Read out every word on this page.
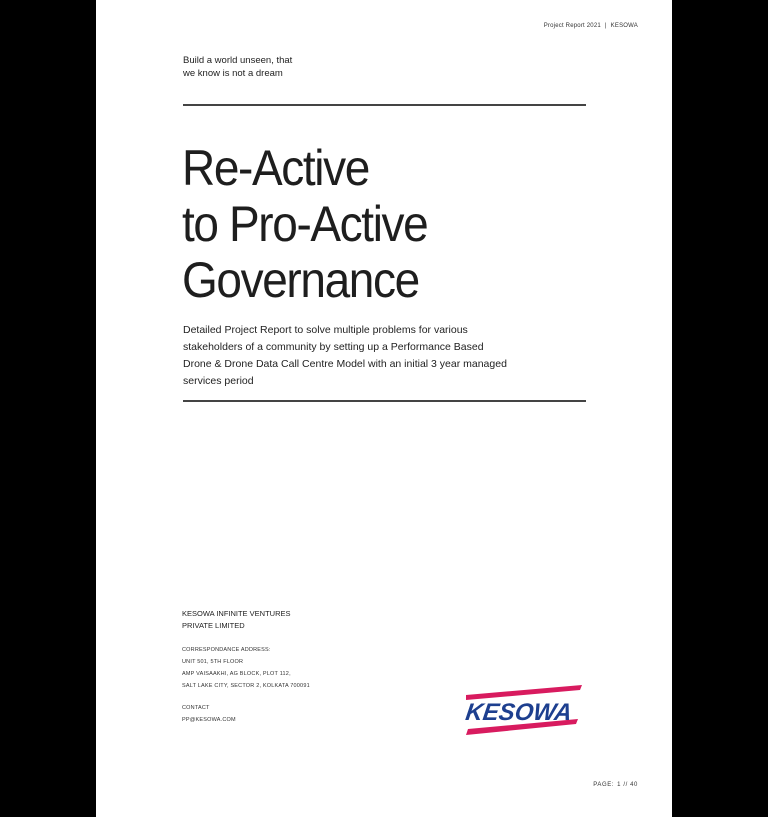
Project Report 2021 | KESOWA
Build a world unseen, that
we know is not a dream
Re-Active
to Pro-Active
Governance
Detailed Project Report to solve multiple problems for various stakeholders of a community by setting up a Performance Based Drone & Drone Data Call Centre Model with an initial 3 year managed services period
KESOWA INFINITE VENTURES
PRIVATE LIMITED
CORRESPONDANCE ADDRESS:
UNIT 501, 5TH FLOOR
AMP VAISAAKHI, AG BLOCK, PLOT 112,
SALT LAKE CITY, SECTOR 2, KOLKATA 700091
CONTACT
PP@KESOWA.COM	KESOWA
PAGE: 1 // 40
